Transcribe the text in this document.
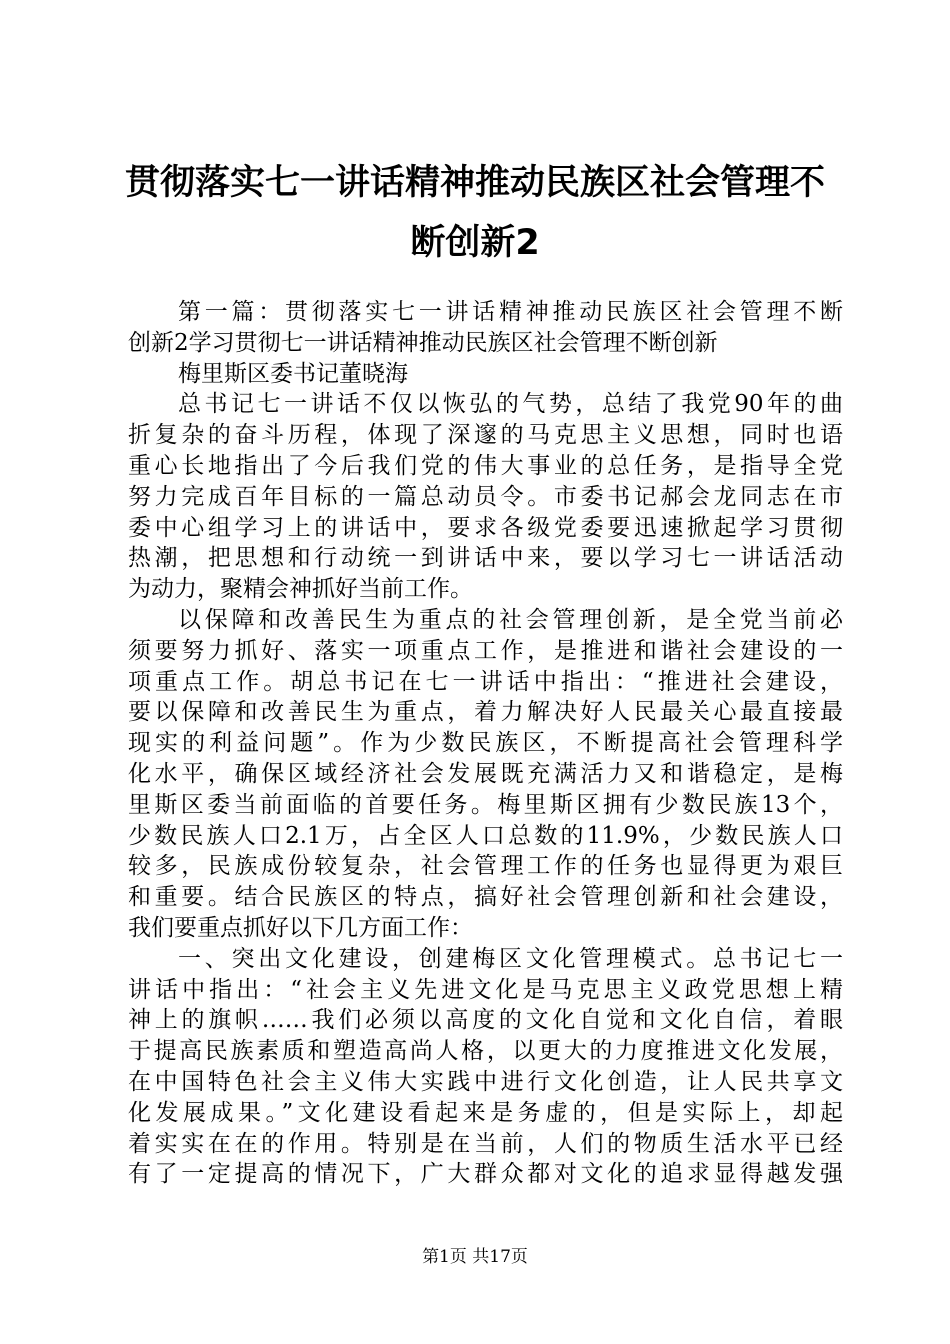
贯彻落实七一讲话精神推动民族区社会管理不
断创新2
第一篇：贯彻落实七一讲话精神推动民族区社会管理不断
创新2学习贯彻七一讲话精神推动民族区社会管理不断创新
梅里斯区委书记董晓海
总书记七一讲话不仅以恢弘的气势，总结了我党90年的曲
折复杂的奋斗历程，体现了深邃的马克思主义思想，同时也语
重心长地指出了今后我们党的伟大事业的总任务，是指导全党
努力完成百年目标的一篇总动员令。市委书记郝会龙同志在市
委中心组学习上的讲话中，要求各级党委要迅速掀起学习贯彻
热潮，把思想和行动统一到讲话中来，要以学习七一讲话活动
为动力，聚精会神抓好当前工作。
以保障和改善民生为重点的社会管理创新，是全党当前必
须要努力抓好、落实一项重点工作，是推进和谐社会建设的一
项重点工作。胡总书记在七一讲话中指出：“推进社会建设，
要以保障和改善民生为重点，着力解决好人民最关心最直接最
现实的利益问题”。作为少数民族区，不断提高社会管理科学
化水平，确保区域经济社会发展既充满活力又和谐稳定，是梅
里斯区委当前面临的首要任务。梅里斯区拥有少数民族13个，
少数民族人口2.1万，占全区人口总数的11.9%，少数民族人口
较多，民族成份较复杂，社会管理工作的任务也显得更为艰巨
和重要。结合民族区的特点，搞好社会管理创新和社会建设，
我们要重点抓好以下几方面工作：
一、突出文化建设，创建梅区文化管理模式。总书记七一
讲话中指出：“社会主义先进文化是马克思主义政党思想上精
神上的旗帜……我们必须以高度的文化自觉和文化自信，着眼
于提高民族素质和塑造高尚人格，以更大的力度推进文化发展，
在中国特色社会主义伟大实践中进行文化创造，让人民共享文
化发展成果。”文化建设看起来是务虚的，但是实际上，却起
着实实在在的作用。特别是在当前，人们的物质生活水平已经
有了一定提高的情况下，广大群众都对文化的追求显得越发强
第1页 共17页
